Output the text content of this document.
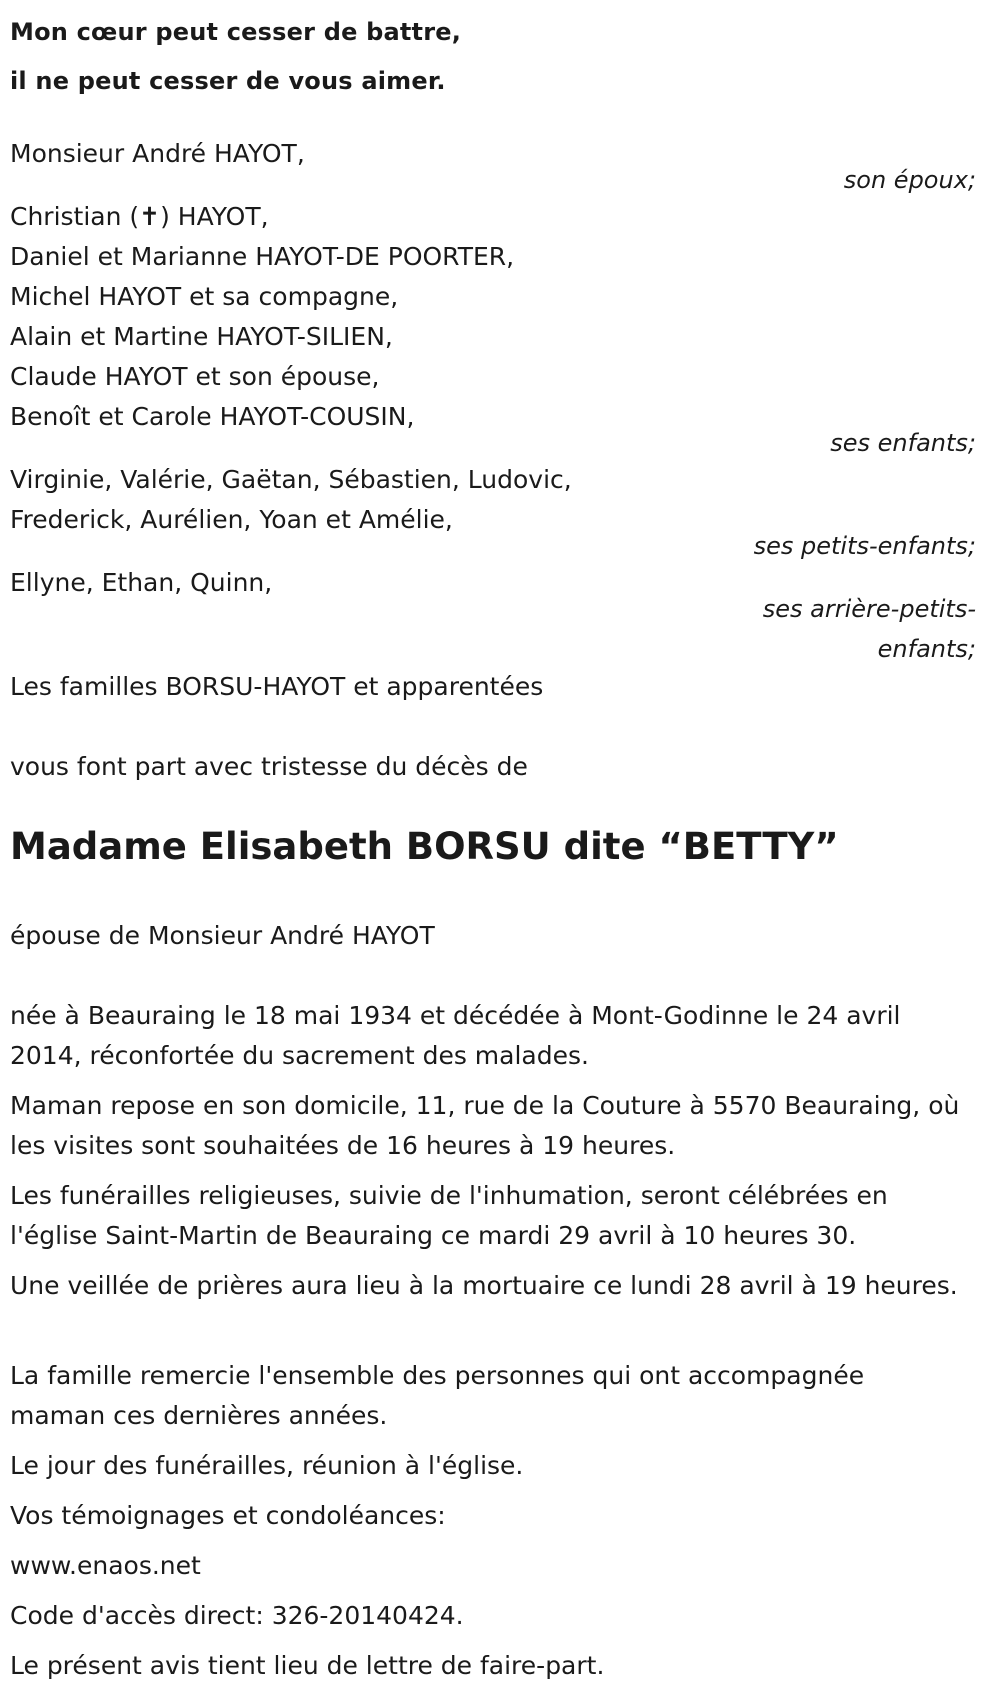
Mon cœur peut cesser de battre,
il ne peut cesser de vous aimer.
Monsieur André HAYOT,
son époux;
Christian (✝) HAYOT,
Daniel et Marianne HAYOT-DE POORTER,
Michel HAYOT et sa compagne,
Alain et Martine HAYOT-SILIEN,
Claude HAYOT et son épouse,
Benoît et Carole HAYOT-COUSIN,
ses enfants;
Virginie, Valérie, Gaëtan, Sébastien, Ludovic,
Frederick, Aurélien, Yoan et Amélie,
ses petits-enfants;
Ellyne, Ethan, Quinn,
ses arrière-petits-
enfants;
Les familles BORSU-HAYOT et apparentées
vous font part avec tristesse du décès de
Madame Elisabeth BORSU dite “BETTY”
épouse de Monsieur André HAYOT
née à Beauraing le 18 mai 1934 et décédée à Mont-Godinne le 24 avril 2014, réconfortée du sacrement des malades.
Maman repose en son domicile, 11, rue de la Couture à 5570 Beauraing, où les visites sont souhaitées de 16 heures à 19 heures.
Les funérailles religieuses, suivie de l'inhumation, seront célébrées en l'église Saint-Martin de Beauraing ce mardi 29 avril à 10 heures 30.
Une veillée de prières aura lieu à la mortuaire ce lundi 28 avril à 19 heures.
La famille remercie l'ensemble des personnes qui ont accompagnée maman ces dernières années.
Le jour des funérailles, réunion à l'église.
Vos témoignages et condoléances:
www.enaos.net
Code d'accès direct: 326-20140424.
Le présent avis tient lieu de lettre de faire-part.
